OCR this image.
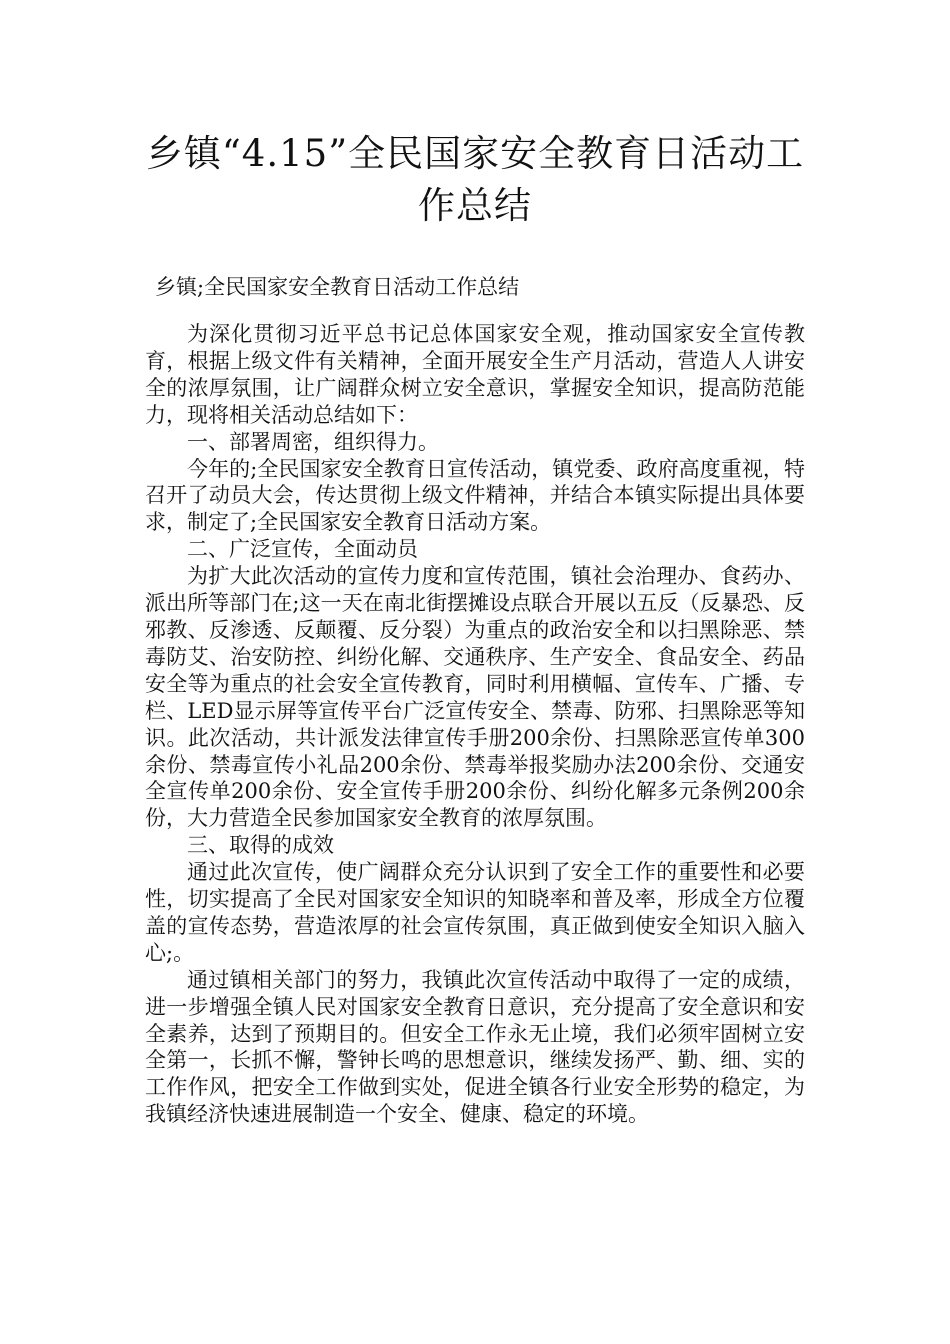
乡镇“4.15”全民国家安全教育日活动工作总结

乡镇;全民国家安全教育日活动工作总结

为深化贯彻习近平总书记总体国家安全观，推动国家安全宣传教育，根据上级文件有关精神，全面开展安全生产月活动，营造人人讲安全的浓厚氛围，让广阔群众树立安全意识，掌握安全知识，提高防范能力，现将相关活动总结如下：

一、部署周密，组织得力。

今年的;全民国家安全教育日宣传活动，镇党委、政府高度重视，特召开了动员大会，传达贯彻上级文件精神，并结合本镇实际提出具体要求，制定了;全民国家安全教育日活动方案。

二、广泛宣传，全面动员

为扩大此次活动的宣传力度和宣传范围，镇社会治理办、食药办、派出所等部门在;这一天在南北街摆摊设点联合开展以五反（反暴恐、反邪教、反渗透、反颠覆、反分裂）为重点的政治安全和以扫黑除恶、禁毒防艾、治安防控、纠纷化解、交通秩序、生产安全、食品安全、药品安全等为重点的社会安全宣传教育，同时利用横幅、宣传车、广播、专栏、LED显示屏等宣传平台广泛宣传安全、禁毒、防邪、扫黑除恶等知识。此次活动，共计派发法律宣传手册200余份、扫黑除恶宣传单300余份、禁毒宣传小礼品200余份、禁毒举报奖励办法200余份、交通安全宣传单200余份、安全宣传手册200余份、纠纷化解多元条例200余份，大力营造全民参加国家安全教育的浓厚氛围。

三、取得的成效

通过此次宣传，使广阔群众充分认识到了安全工作的重要性和必要性，切实提高了全民对国家安全知识的知晓率和普及率，形成全方位覆盖的宣传态势，营造浓厚的社会宣传氛围，真正做到使安全知识入脑入心;。

通过镇相关部门的努力，我镇此次宣传活动中取得了一定的成绩，进一步增强全镇人民对国家安全教育日意识，充分提高了安全意识和安全素养，达到了预期目的。但安全工作永无止境，我们必须牢固树立安全第一，长抓不懈，警钟长鸣的思想意识，继续发扬严、勤、细、实的工作作风，把安全工作做到实处，促进全镇各行业安全形势的稳定，为我镇经济快速进展制造一个安全、健康、稳定的环境。
